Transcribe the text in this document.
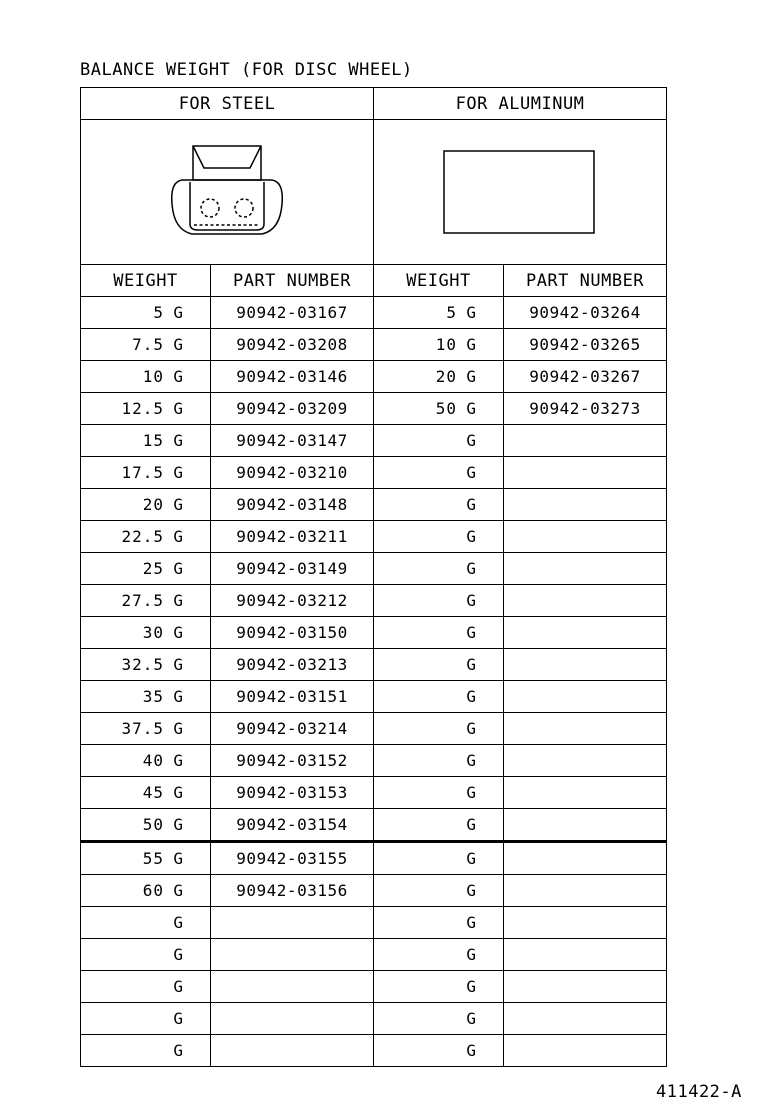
BALANCE WEIGHT (FOR DISC WHEEL)
FOR STEEL		FOR ALUMINUM	

WEIGHT	PART NUMBER	WEIGHT	PART NUMBER
5 G	90942-03167	5 G	90942-03264
7.5 G	90942-03208	10 G	90942-03265
10 G	90942-03146	20 G	90942-03267
12.5 G	90942-03209	50 G	90942-03273
15 G	90942-03147	G	
17.5 G	90942-03210	G	
20 G	90942-03148	G	
22.5 G	90942-03211	G	
25 G	90942-03149	G	
27.5 G	90942-03212	G	
30 G	90942-03150	G	
32.5 G	90942-03213	G	
35 G	90942-03151	G	
37.5 G	90942-03214	G	
40 G	90942-03152	G	
45 G	90942-03153	G	
50 G	90942-03154	G	
55 G	90942-03155	G	
60 G	90942-03156	G	
G		G	
G		G	
G		G	
G		G	
G		G	
411422-A
